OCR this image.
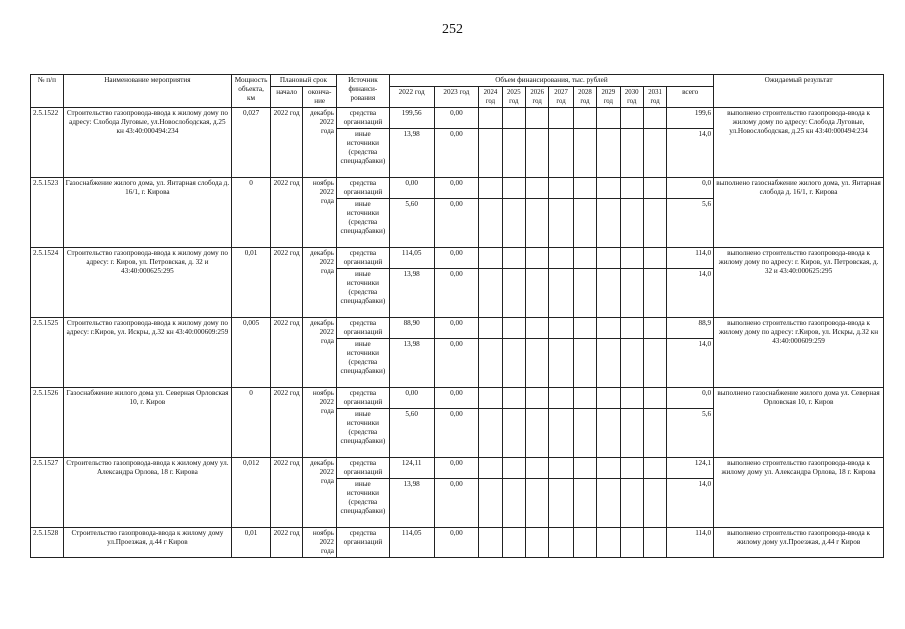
252
№ п/п	Наименование мероприятия	Мощность объекта, км	Плановый срок		Источник финанси-рования	Объем финансирования, тыс. рублей											Ожидаемый результат
			начало	оконча-ние		2022 год	2023 год	2024 год	2025 год	2026 год	2027 год	2028 год	2029 год	2030 год	2031 год	всего	

2.5.1522	Строительство газопровода-ввода к жилому дому по адресу: Слобода Луговые, ул.Новослободская, д.25 кн 43:40:000494:234	0,027	2022 год	декабрь 2022 года	средства организаций	199,56	0,00									199,6	выполнено строительство газопровода-ввода к жилому дому по адресу: Слобода Луговые, ул.Новослободская, д.25 кн 43:40:000494:234
					иные источники (средства спецнадбавки)	13,98	0,00									14,0	
2.5.1523	Газоснабжение жилого дома, ул. Янтарная слобода д. 16/1, г. Кирова	0	2022 год	ноябрь 2022 года	средства организаций	0,00	0,00									0,0	выполнено газоснабжение жилого дома, ул. Янтарная слобода д. 16/1, г. Кирова
					иные источники (средства спецнадбавки)	5,60	0,00									5,6	
2.5.1524	Строительство газопровода-ввода к жилому дому по адресу: г. Киров, ул. Петровская, д. 32 и 43:40:000625:295	0,01	2022 год	декабрь 2022 года	средства организаций	114,05	0,00									114,0	выполнено строительство газопровода-ввода к жилому дому по адресу: г. Киров, ул. Петровская, д. 32 и 43:40:000625:295
					иные источники (средства спецнадбавки)	13,98	0,00									14,0	
2.5.1525	Строительство газопровода-ввода к жилому дому по адресу: г.Киров, ул. Искры, д.32 кн 43:40:000609:259	0,005	2022 год	декабрь 2022 года	средства организаций	88,90	0,00									88,9	выполнено строительство газопровода-ввода к жилому дому по адресу: г.Киров, ул. Искры, д.32 кн 43:40:000609:259
					иные источники (средства спецнадбавки)	13,98	0,00									14,0	
2.5.1526	Газоснабжение жилого дома ул. Северная Орловская 10, г. Киров	0	2022 год	ноябрь 2022 года	средства организаций	0,00	0,00									0,0	выполнено газоснабжение жилого дома ул. Северная Орловская 10, г. Киров
					иные источники (средства спецнадбавки)	5,60	0,00									5,6	
2.5.1527	Строительство газопровода-ввода к жилому дому ул. Александра Орлова, 18 г. Кирова	0,012	2022 год	декабрь 2022 года	средства организаций	124,11	0,00									124,1	выполнено строительство газопровода-ввода к жилому дому ул. Александра Орлова, 18 г. Кирова
					иные источники (средства спецнадбавки)	13,98	0,00									14,0	
2.5.1528	Строительство газопровода-ввода к жилому дому ул.Проезжая, д.44 г Киров	0,01	2022 год	ноябрь 2022 года	средства организаций	114,05	0,00									114,0	выполнено строительство газопровода-ввода к жилому дому ул.Проезжая, д.44 г Киров
